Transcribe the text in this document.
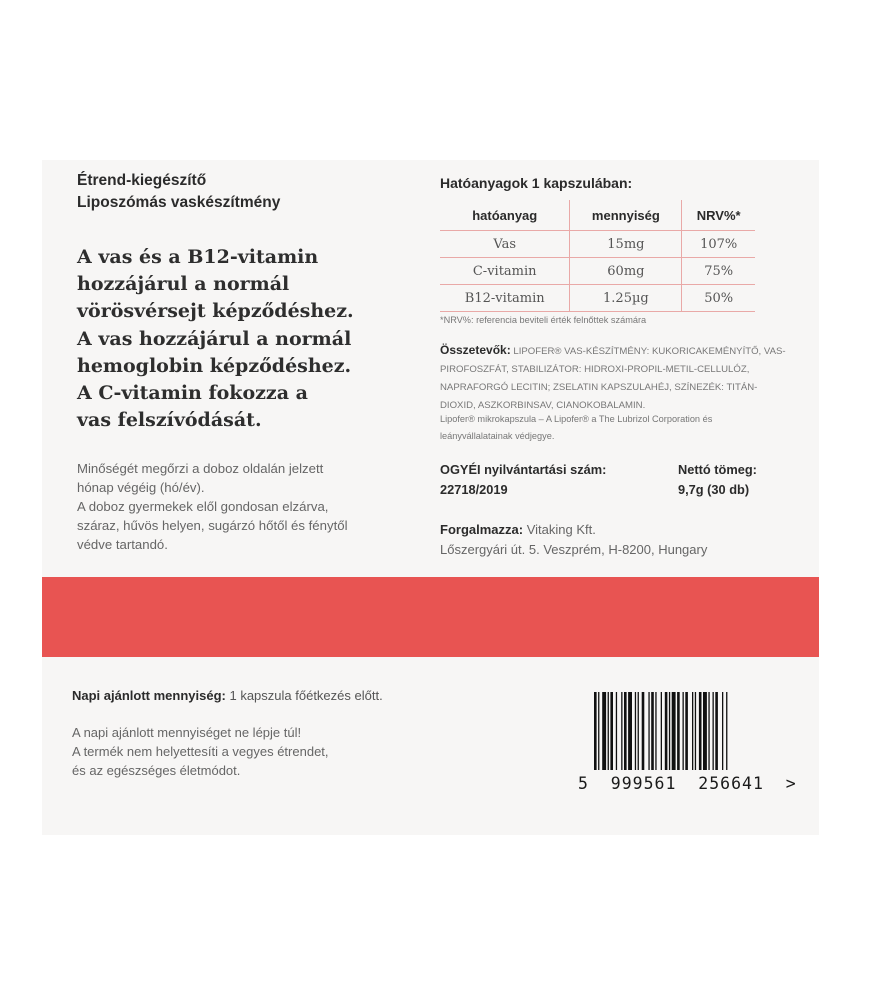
Étrend-kiegészítő
Liposzómás vaskészítmény
A vas és a B12-vitamin
hozzájárul a normál
vörösvérsejt képződéshez.
A vas hozzájárul a normál
hemoglobin képződéshez.
A C-vitamin fokozza a
vas felszívódását.
Minőségét megőrzi a doboz oldalán jelzett
hónap végéig (hó/év).
A doboz gyermekek elől gondosan elzárva,
száraz, hűvös helyen, sugárzó hőtől és fénytől
védve tartandó.
Hatóanyagok 1 kapszulában:
hatóanyag	mennyiség	NRV%*
Vas	15mg	107%
C-vitamin	60mg	75%
B12-vitamin	1.25µg	50%
*NRV%: referencia beviteli érték felnőttek számára
Összetevők: LIPOFER® VAS-KÉSZÍTMÉNY: KUKORICAKEMÉNYÍTŐ, VAS-PIROFOSZFÁT, STABILIZÁTOR: HIDROXI-PROPIL-METIL-CELLULÓZ, NAPRAFORGÓ LECITIN; ZSELATIN KAPSZULAHÉJ, SZÍNEZÉK: TITÁN-DIOXID, ASZKORBINSAV, CIANOKOBALAMIN.
Lipofer® mikrokapszula – A Lipofer® a The Lubrizol Corporation és leányvállalatainak védjegye.
OGYÉI nyilvántartási szám:
22718/2019
Nettó tömeg:
9,7g (30 db)
Forgalmazza: Vitaking Kft.
Lőszergyári út. 5. Veszprém, H-8200, Hungary
Napi ajánlott mennyiség: 1 kapszula főétkezés előtt.
A napi ajánlott mennyiséget ne lépje túl!
A termék nem helyettesíti a vegyes étrendet,
és az egészséges életmódot.
5  999561  256641  >
